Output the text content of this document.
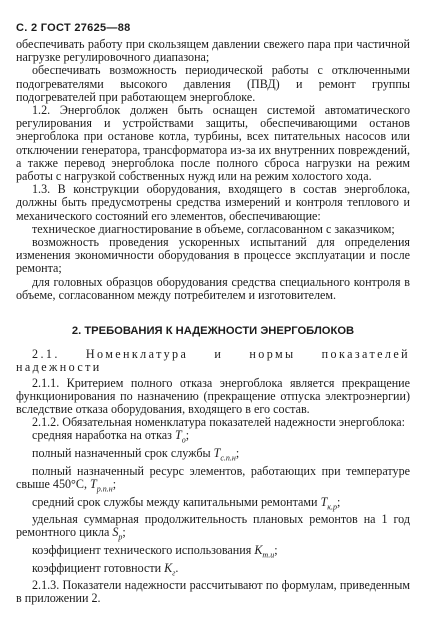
С. 2 ГОСТ 27625—88

обеспечивать работу при скользящем давлении свежего пара при частичной нагрузке регулировочного диапазона;

обеспечивать возможность периодической работы с отключенными подогревателями высокого давления (ПВД) и ремонт группы подогревателей при работающем энергоблоке.

1.2. Энергоблок должен быть оснащен системой автоматического регулирования и устройствами защиты, обеспечивающими останов энергоблока при останове котла, турбины, всех питательных насосов или отключении генератора, трансформатора из-за их внутренних повреждений, а также перевод энергоблока после полного сброса нагрузки на режим работы с нагрузкой собственных нужд или на режим холостого хода.

1.3. В конструкции оборудования, входящего в состав энергоблока, должны быть предусмотрены средства измерений и контроля теплового и механического состояний его элементов, обеспечивающие:

техническое диагностирование в объеме, согласованном с заказчиком;

возможность проведения ускоренных испытаний для определения изменения экономичности оборудования в процессе эксплуатации и после ремонта;

для головных образцов оборудования средства специального контроля в объеме, согласованном между потребителем и изготовителем.

2. ТРЕБОВАНИЯ К НАДЕЖНОСТИ ЭНЕРГОБЛОКОВ

2.1. Номенклатура и нормы показателей надежности

2.1.1. Критерием полного отказа энергоблока является прекращение функционирования по назначению (прекращение отпуска электроэнергии) вследствие отказа оборудования, входящего в его состав.

2.1.2. Обязательная номенклатура показателей надежности энергоблока:

средняя наработка на отказ $T_о$;

полный назначенный срок службы $T_{с.п.н}$;

полный назначенный ресурс элементов, работающих при температуре свыше 450°С, $T_{р.п.н}$;

средний срок службы между капитальными ремонтами $T_{к.р}$;

удельная суммарная продолжительность плановых ремонтов на 1 год ремонтного цикла $S_р$;

коэффициент технического использования $K_{т.и}$;

коэффициент готовности $K_г$.

2.1.3. Показатели надежности рассчитывают по формулам, приведенным в приложении 2.
